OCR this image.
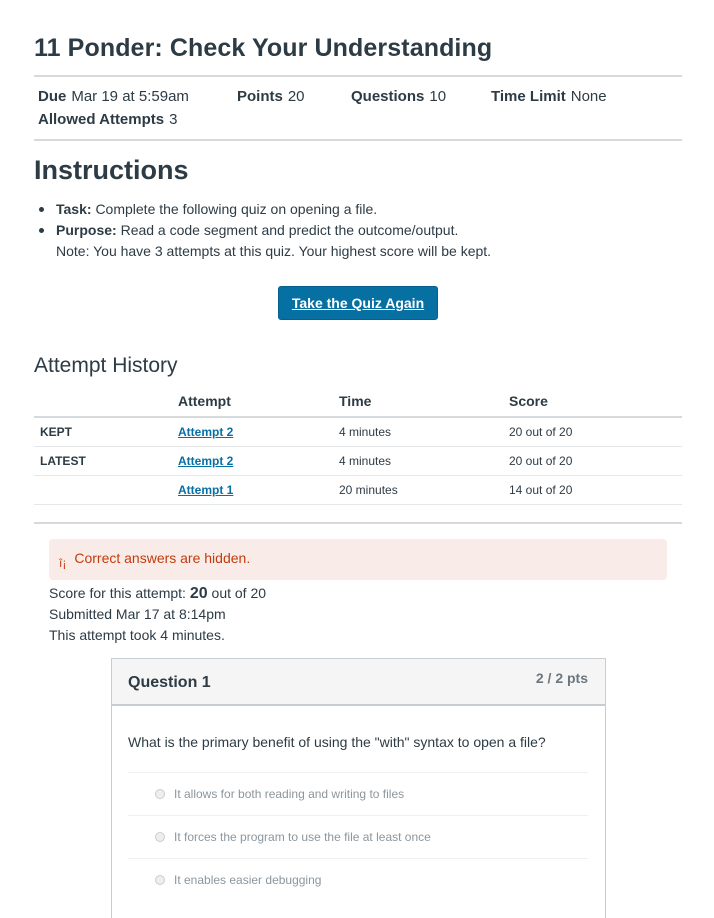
11 Ponder: Check Your Understanding
Due Mar 19 at 5:59am	Points 20	Questions 10	Time Limit None
Allowed Attempts 3
Instructions
Task: Complete the following quiz on opening a file.
Purpose: Read a code segment and predict the outcome/output.
Note: You have 3 attempts at this quiz. Your highest score will be kept.
Take the Quiz Again
Attempt History
	Attempt	Time	Score
KEPT	Attempt 2	4 minutes	20 out of 20
LATEST	Attempt 2	4 minutes	20 out of 20
	Attempt 1	20 minutes	14 out of 20
î¡ Correct answers are hidden.
Score for this attempt: 20 out of 20
Submitted Mar 17 at 8:14pm
This attempt took 4 minutes.
Question 1	2 / 2 pts
What is the primary benefit of using the "with" syntax to open a file?
It allows for both reading and writing to files
It forces the program to use the file at least once
It enables easier debugging
